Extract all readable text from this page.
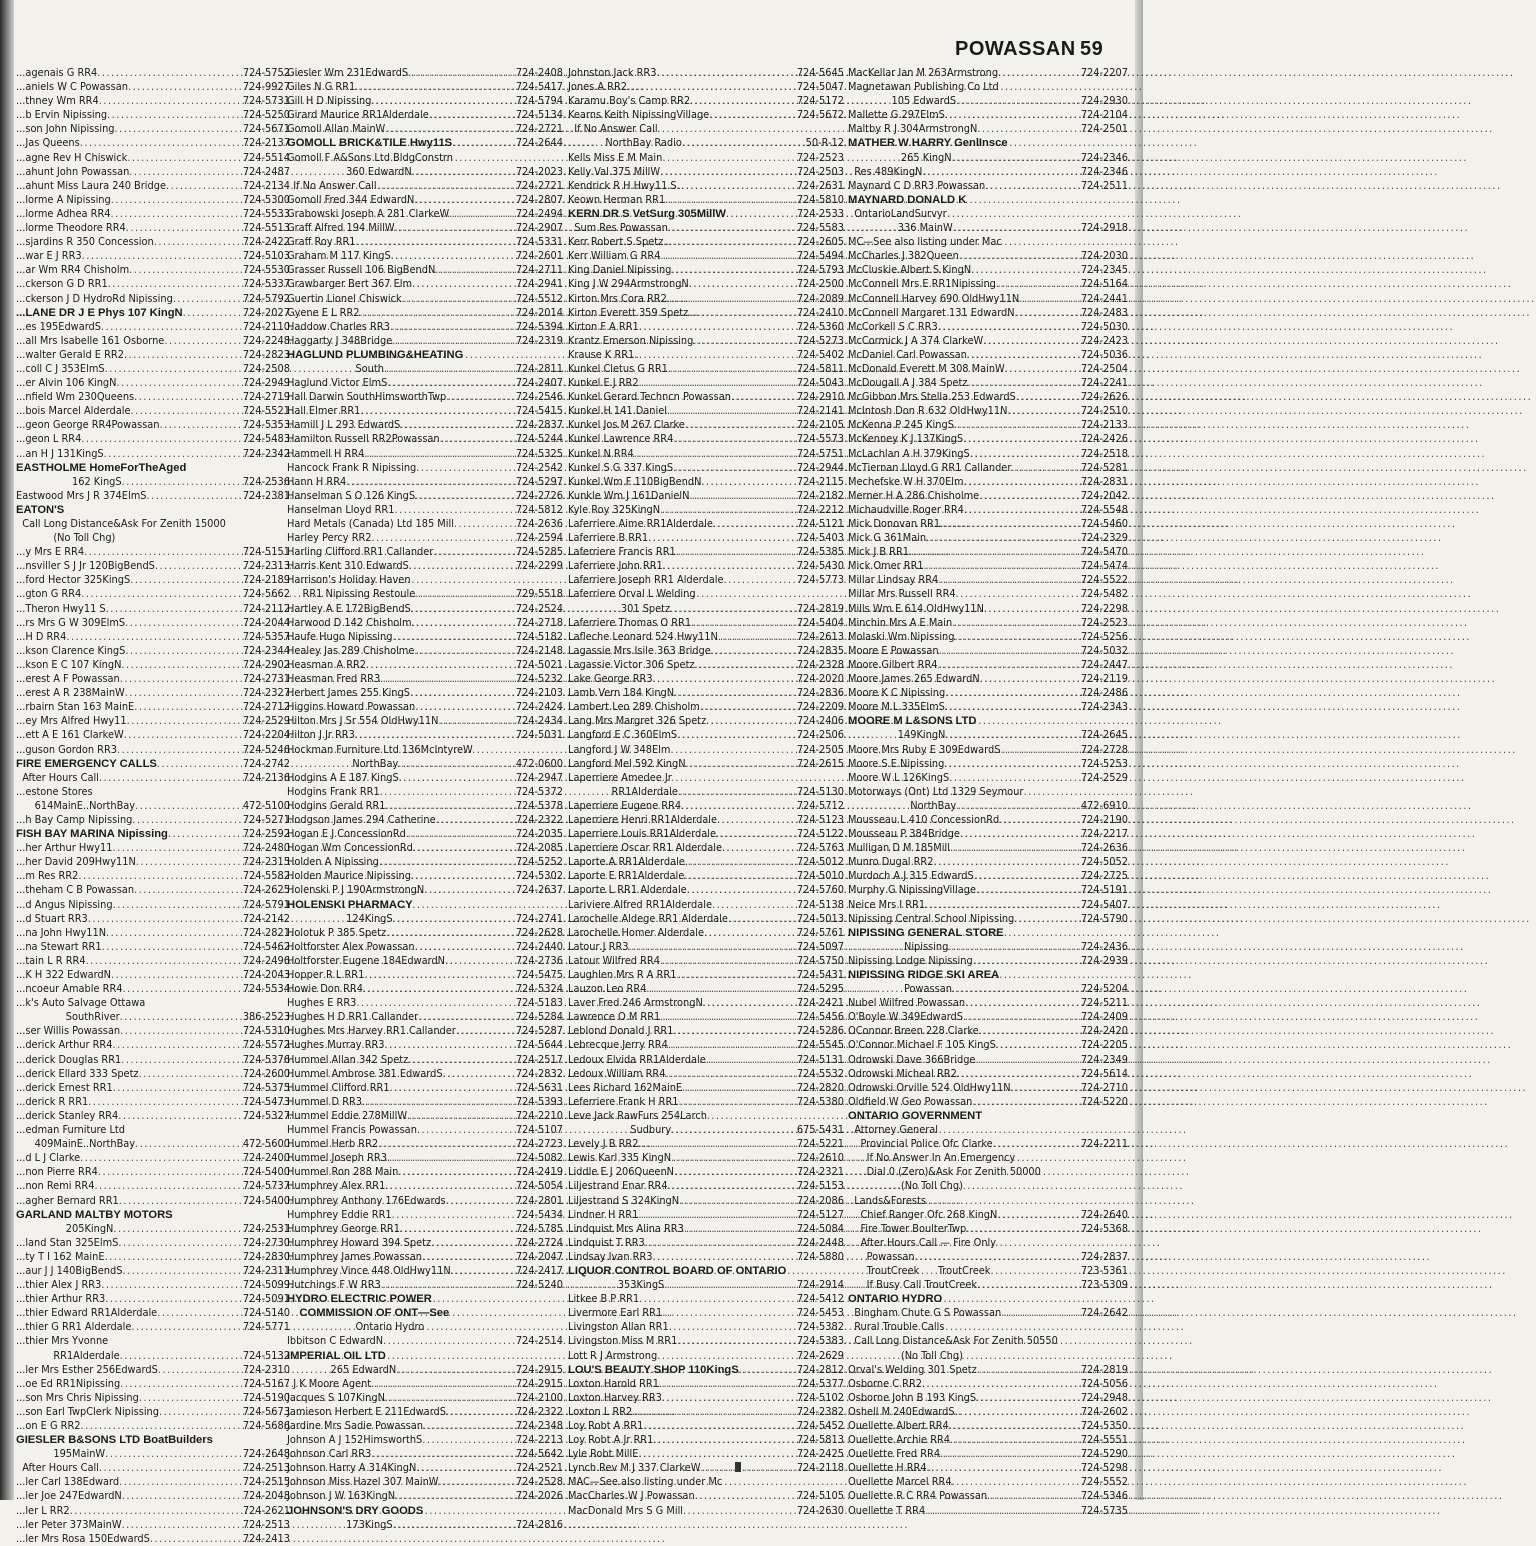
POWASSAN 59
...agenais G RR4 .....	724-5752
...aniels W C Powassan .....	724-9927
...thney Wm RR4 .....	724-5731
...b Ervin Nipissing .....	724-5250
...son John Nipissing .....	724-5671
...Jas Queens .....	724-2137
...agne Rev H Chiswick .....	724-5514
...ahunt John Powassan .....	724-2487
...ahunt Miss Laura 240 Bridge .....	724-2134
...lorme A Nipissing .....	724-5300
...lorme Adhea RR4 .....	724-5533
...lorme Theodore RR4 .....	724-5513
...sjardins R 350 Concession .....	724-2422
...war E J RR3 .....	724-5103
...ar Wm RR4 Chisholm .....	724-5530
...ckerson G D RR1 .....	724-5337
...ckerson J D HydroRd Nipissing .....	724-5792
...LANE DR J E Phys 107 KingN .....	724-2027
...es 195EdwardS .....	724-2110
...all Mrs Isabelle 161 Osborne .....	724-2248
...walter Gerald E RR2 .....	724-2823
...coll C J 353ElmS .....	724-2508
...er Alvin 106 KingN .....	724-2949
...nfield Wm 230Queens .....	724-2719
...bois Marcel Alderdale .....	724-5521
...geon George RR4Powassan .....	724-5353
...geon L RR4 .....	724-5483
...an H J 131KingS .....	724-2342
EASTHOLME HomeForTheAged
162 KingS .....	724-2536
Eastwood Mrs J R 374ElmS .....	724-2381
EATON'S
Call Long Distance&Ask For Zenith 15000
(No Toll Chg)
...y Mrs E RR4 .....	724-5151
...nsviller S J Jr 120BigBendS .....	724-2313
...ford Hector 325KingS .....	724-2189
...gton G RR4 .....	724-5662
...Theron Hwy11 S .....	724-2112
...rs Mrs G W 309ElmS .....	724-2044
...H D RR4 .....	724-5357
...kson Clarence KingS .....	724-2344
...kson E C 107 KingN .....	724-2902
...erest A F Powassan .....	724-2731
...erest A R 238MainW .....	724-2327
...rbairn Stan 163 MainE .....	724-2712
...ey Mrs Alfred Hwy11 .....	724-2529
...ett A E 161 ClarkeW .....	724-2204
...guson Gordon RR3 .....	724-5246
FIRE EMERGENCY CALLS .....	724-2742
After Hours Call .....	724-2136
...estone Stores
614MainE..NorthBay .....	472-5100
...h Bay Camp Nipissing .....	724-5271
FISH BAY MARINA Nipissing .....	724-2592
...her Arthur Hwy11 .....	724-2480
...her David 209Hwy11N .....	724-2315
...m Res RR2 .....	724-5582
...theham C B Powassan .....	724-2625
...d Angus Nipissing .....	724-5791
...d Stuart RR3 .....	724-2142
...na John Hwy11N .....	724-2821
...na Stewart RR1 .....	724-5462
...tain L R RR4 .....	724-2496
...K H 322 EdwardN .....	724-2043
...ncoeur Amable RR4 .....	724-5534
...k's Auto Salvage Ottawa
SouthRiver .....	386-2523
...ser Willis Powassan .....	724-5310
...derick Arthur RR4 .....	724-5572
...derick Douglas RR1 .....	724-5376
...derick Ellard 333 Spetz .....	724-2600
...derick Ernest RR1 .....	724-5375
...derick R RR1 .....	724-5473
...derick Stanley RR4 .....	724-5327
...edman Furniture Ltd
409MainE..NorthBay .....	472-5600
...d L J Clarke .....	724-2400
...non Pierre RR4 .....	724-5400
...non Remi RR4 .....	724-5737
...agher Bernard RR1 .....	724-5400
GARLAND MALTBY MOTORS
205KingN .....	724-2531
...land Stan 325ElmS .....	724-2730
...ty T I 162 MainE .....	724-2830
...aur J J 140BigBendS .....	724-2311
...thier Alex J RR3 .....	724-5099
...thier Arthur RR3 .....	724-5091
...thier Edward RR1Alderdale .....	724-5140
...thier G RR1 Alderdale .....	724-5771
...thier Mrs Yvonne
RR1Alderdale .....	724-5132
...ler Mrs Esther 256EdwardS .....	724-2310
...oe Ed RR1Nipissing .....	724-5167
...son Mrs Chris Nipissing .....	724-5190
...son Earl TwpClerk Nipissing .....	724-5673
...on E G RR2 .....	724-5686
GIESLER B&SONS LTD BoatBuilders
195MainW .....	724-2648
After Hours Call .....	724-2513
...ler Carl 138Edward .....	724-2515
...ler Joe 247EdwardN .....	724-2048
...ler L RR2 .....	724-2621
...ler Peter 373MainW .....	724-2513
...ler Mrs Rosa 150EdwardS .....	724-2413
Giesler Wm 231EdwardS .....	724-2408
Giles N G RR1 .....	724-5417
Gill H D Nipissing .....	724-5794
Girard Maurice RR1Alderdale .....	724-5134
Gomoll Allan MainW .....	724-2721
GOMOLL BRICK&TILE Hwy11S .....	724-2644
Gomoll F A&Sons Ltd BldgConstrn
360 EdwardN .....	724-2023
If No Answer Call .....	724-2721
Gomoll Fred 344 EdwardN .....	724-2807
Grabowski Joseph A 281 ClarkeW .....	724-2494
Graff Alfred 194 MillW .....	724-2907
Graff Roy RR1 .....	724-5331
Graham M 117 KingS .....	724-2601
Grasser Russell 106 BigBendN .....	724-2711
Grawbarger Bert 367 Elm .....	724-2941
Guertin Lionel Chiswick .....	724-5512
Gyene E L RR2 .....	724-2014
Haddow Charles RR3 .....	724-5394
Haggarty J 348Bridge .....	724-2319
HAGLUND PLUMBING&HEATING
South .....	724-2811
Haglund Victor ElmS .....	724-2407
Hall Darwin SouthHimsworthTwp .....	724-2546
Hall Elmer RR1 .....	724-5415
Hamill J L 293 EdwardS .....	724-2837
Hamilton Russell RR2Powassan .....	724-5244
Hammell H RR4 .....	724-5325
Hancock Frank R Nipissing .....	724-2542
Hann H RR4 .....	724-5297
Hanselman S O 126 KingS .....	724-2726
Hanselman Lloyd RR1 .....	724-5812
Hard Metals (Canada) Ltd 185 Mill .....	724-2636
Harley Percy RR2 .....	724-2594
Harling Clifford RR1 Callander .....	724-5285
Harris Kent 310 EdwardS .....	724-2299
Harrison's Holiday Haven
RR1 Nipissing Restoule .....	729-5518
Hartley A E 172BigBendS .....	724-2524
Harwood D 142 Chisholm .....	724-2718
Haufe Hugo Nipissing .....	724-5182
Healey Jas 289 Chisholme .....	724-2148
Heasman A RR2 .....	724-5021
Heasman Fred RR3 .....	724-5232
Herbert James 255 KingS .....	724-2103
Higgins Howard Powassan .....	724-2424
Hilton Mrs J Sr 554 OldHwy11N .....	724-2434
Hilton J Jr RR3 .....	724-5031
Hockman Furniture Ltd 136McIntyreW
NorthBay .....	472-0600
Hodgins A E 187 KingS .....	724-2947
Hodgins Frank RR1 .....	724-5372
Hodgins Gerald RR1 .....	724-5378
Hodgson James 294 Catherine .....	724-2322
Hogan E J ConcessionRd .....	724-2035
Hogan Wm ConcessionRd .....	724-2085
Holden A Nipissing .....	724-5252
Holden Maurice Nipissing .....	724-5302
Holenski P J 190ArmstrongN .....	724-2637
HOLENSKI PHARMACY
124KingS .....	724-2741
Holotuk P 385 Spetz .....	724-2628
Holtforster Alex Powassan .....	724-2440
Holtforster Eugene 184EdwardN .....	724-2736
Hopper R L RR1 .....	724-5475
Howie Don RR4 .....	724-5324
Hughes E RR3 .....	724-5183
Hughes H D RR1 Callander .....	724-5284
Hughes Mrs Harvey RR1 Callander .....	724-5287
Hughes Murray RR3 .....	724-5644
Hummel Allan 342 Spetz .....	724-2517
Hummel Ambrose 381 EdwardS .....	724-2832
Hummel Clifford RR1 .....	724-5631
Hummel D RR3 .....	724-5393
Hummel Eddie 278MillW .....	724-2210
Hummel Francis Powassan .....	724-5107
Hummel Herb RR2 .....	724-2723
Hummel Joseph RR3 .....	724-5082
Hummel Ron 288 Main .....	724-2419
Humphrey Alex RR1 .....	724-5054
Humphrey Anthony 176Edwards .....	724-2801
Humphrey Eddie RR1 .....	724-5434
Humphrey George RR1 .....	724-5785
Humphrey Howard 394 Spetz .....	724-2724
Humphrey James Powassan .....	724-2047
Humphrey Vince 448 OldHwy11N .....	724-2417
Hutchings F W RR3 .....	724-5240
HYDRO ELECTRIC POWER
COMMISSION OF ONT—See
Ontario Hydro
Ibbitson C EdwardN .....	724-2514
IMPERIAL OIL LTD
265 EdwardN .....	724-2915
J K Moore Agent .....	724-2915
Jacques S 107KingN .....	724-2100
Jamieson Herbert E 211EdwardS .....	724-2322
Jardine Mrs Sadie Powassan .....	724-2348
Johnson A J 152HimsworthS .....	724-2213
Johnson Carl RR3 .....	724-5642
Johnson Harry A 314KingN .....	724-2521
Johnson Miss Hazel 307 MainW .....	724-2528
Johnson J W 163KingN .....	724-2026
JOHNSON'S DRY GOODS
173KingS .....	724-2816
Johnston Jack RR3 .....	724-5645
Jones A RR2 .....	724-5047
Karamu Boy's Camp RR2 .....	724-5172
Kearns Keith NipissingVillage .....	724-5672
If No Answer Call
NorthBay Radio .....	50-R-12
Kells Miss E M Main .....	724-2523
Kelly Val 375 MillW .....	724-2503
Kendrick R H Hwy11 S .....	724-2631
Keown Herman RR1 .....	724-5810
KERN DR S VetSurg 305MillW .....	724-2533
Sum Res Powassan .....	724-5583
Kerr Robert S Spetz .....	724-2605
Kerr William G RR4 .....	724-5494
King Daniel Nipissing .....	724-5793
King J W 294ArmstrongN .....	724-2500
Kirton Mrs Cora RR2 .....	724-2089
Kirton Everett 359 Spetz .....	724-2410
Kirton F A RR1 .....	724-5360
Krantz Emerson Nipissing .....	724-5273
Krause K RR1 .....	724-5402
Kunkel Cletus G RR1 .....	724-5811
Kunkel E J RR2 .....	724-5043
Kunkel Gerard Techncn Powassan .....	724-2910
Kunkel H 141 Daniel .....	724-2141
Kunkel Jos M 267 Clarke .....	724-2105
Kunkel Lawrence RR4 .....	724-5573
Kunkel N RR4 .....	724-5751
Kunkel S G 337 KingS .....	724-2944
Kunkel Wm F 110BigBendN .....	724-2115
Kunkle Wm J 161DanielN .....	724-2182
Kyle Roy 325KingN .....	724-2212
Laferriere Aime RR1Alderdale .....	724-5121
Laferriere B RR1 .....	724-5403
Laferriere Francis RR1 .....	724-5385
Laferriere John RR1 .....	724-5430
Laferriere Joseph RR1 Alderdale .....	724-5773
Laferriere Orval L Welding
301 Spetz .....	724-2819
Laferriere Thomas O RR1 .....	724-5404
Lafleche Leonard 524 Hwy11N .....	724-2613
Lagassie Mrs Isile 363 Bridge .....	724-2835
Lagassie Victor 306 Spetz .....	724-2328
Lake George RR3 .....	724-2020
Lamb Vern 184 KingN .....	724-2836
Lambert Leo 289 Chisholm .....	724-2209
Lang Mrs Margret 326 Spetz .....	724-2406
Langford E C 360ElmS .....	724-2506
Langford J W 348Elm .....	724-2505
Langford Mel 592 KingN .....	724-2615
Laperriere Amedee Jr
RR1Alderdale .....	724-5130
Laperriere Eugene RR4 .....	724-5712
Laperriere Henri RR1Alderdale .....	724-5123
Laperriere Louis RR1Alderdale .....	724-5122
Laperriere Oscar RR1 Alderdale .....	724-5763
Laporte A RR1Alderdale .....	724-5012
Laporte E RR1Alderdale .....	724-5010
Laporte L RR1 Alderdale .....	724-5760
Lariviere Alfred RR1Alderdale .....	724-5138
Larochelle Aldege RR1 Alderdale .....	724-5013
Larochelle Homer Alderdale .....	724-5761
Latour J RR3 .....	724-5097
Latour Wilfred RR4 .....	724-5750
Laughlen Mrs R A RR1 .....	724-5431
Lauzon Leo RR4 .....	724-5295
Laver Fred 246 ArmstrongN .....	724-2421
Lawrence O M RR1 .....	724-5456
Leblond Donald J RR1 .....	724-5286
Lebrecque Jerry RR4 .....	724-5545
Ledoux Elvida RR1Alderdale .....	724-5131
Ledoux William RR4 .....	724-5532
Lees Richard 162MainE .....	724-2820
Leferriere Frank H RR1 .....	724-5380
Leve Jack RawFurs 254Larch
Sudbury .....	675-5431
Levely J B RR2 .....	724-5221
Lewis Karl 335 KingN .....	724-2610
Liddle E J 206QueenN .....	724-2321
Liljestrand Enar RR4 .....	724-5153
Liljestrand S 324KingN .....	724-2086
Lindner H RR1 .....	724-5127
Lindquist Mrs Alina RR3 .....	724-5084
Lindquist T RR3 .....	724-2448
Lindsay Ivan RR3 .....	724-5880
LIQUOR CONTROL BOARD OF ONTARIO
353KingS .....	724-2914
Litkee B P RR1 .....	724-5412
Livermore Earl RR1 .....	724-5453
Livingston Allan RR1 .....	724-5382
Livingston Miss M RR1 .....	724-5383
Lott R J Armstrong .....	724-2629
LOU'S BEAUTY SHOP 110KingS .....	724-2812
Loxton Harold RR1 .....	724-5377
Loxton Harvey RR3 .....	724-5102
Loxton L RR2 .....	724-2382
Loy Robt A RR1 .....	724-5452
Loy Robt A Jr RR1 .....	724-5813
Lyle Robt MillE .....	724-2425
Lynch Rev M J 337 ClarkeW .....	724-2118
MAC—See also listing under Mc
MacCharles W J Powassan .....	724-5105
MacDonald Mrs S G Mill .....	724-2630
MacKellar Ian M 263Armstrong .....	724-2207
Magnetawan Publishing Co Ltd
105 EdwardS .....	724-2930
Mallette G 297ElmS .....	724-2104
Maltby R J 304ArmstrongN .....	724-2501
MATHER W HARRY GenlInsce
265 KingN .....	724-2346
Res 489KingN .....	724-2346
Maynard C D RR3 Powassan .....	724-2511
MAYNARD DONALD K
OntarioLandSurvyr
336 MainW .....	724-2918
MC—See also listing under Mac
McCharles J 382Queen .....	724-2030
McCluskie Albert S KingN .....	724-2345
McConnell Mrs E RR1Nipissing .....	724-5164
McConnell Harvey 690 OldHwy11N .....	724-2441
McConnell Margaret 131 EdwardN .....	724-2483
McCorkell S C RR3 .....	724-5030
McCormick J A 374 ClarkeW .....	724-2423
McDaniel Carl Powassan .....	724-5036
McDonald Everett M 308 MainW .....	724-2504
McDougall A J 384 Spetz .....	724-2241
McGibbon Mrs Stella 253 EdwardS .....	724-2626
McIntosh Don R 632 OldHwy11N .....	724-2510
McKenna P 245 KingS .....	724-2133
McKenney K J 137KingS .....	724-2426
McLachlan A H 379KingS .....	724-2518
McTiernan Lloyd G RR1 Callander .....	724-5281
Mechefske W H 370Elm .....	724-2831
Merner H A 286 Chisholme .....	724-2042
Michaudville Roger RR4 .....	724-5548
Mick Donovan RR1 .....	724-5460
Mick G 361Main .....	724-2329
Mick J B RR1 .....	724-5470
Mick Omer RR1 .....	724-5474
Millar Lindsay RR4 .....	724-5522
Millar Mrs Russell RR4 .....	724-5482
Mills Wm E 614 OldHwy11N .....	724-2298
Minchin Mrs A E Main .....	724-2523
Molaski Wm Nipissing .....	724-5256
Moore E Powassan .....	724-5032
Moore Gilbert RR4 .....	724-2447
Moore James 265 EdwardN .....	724-2119
Moore K C Nipissing .....	724-2486
Moore M L 335ElmS .....	724-2343
MOORE M L&SONS LTD
149KingN .....	724-2645
Moore Mrs Ruby E 309EdwardS .....	724-2728
Moore S E Nipissing .....	724-5253
Moore W L 126KingS .....	724-2529
Motorways (Ont) Ltd 1329 Seymour
NorthBay .....	472-6910
Mousseau L 410 ConcessionRd .....	724-2190
Mousseau P 384Bridge .....	724-2217
Mulligan D M 185Mill .....	724-2636
Munro Dugal RR2 .....	724-5052
Murdoch A J 315 EdwardS .....	724-2725
Murphy G NipissingVillage .....	724-5191
Neice Mrs I RR1 .....	724-5407
Nipissing Central School Nipissing .....	724-5790
NIPISSING GENERAL STORE
Nipissing .....	724-2436
Nipissing Lodge Nipissing .....	724-2939
NIPISSING RIDGE SKI AREA
Powassan .....	724-5204
Nubel Wilfred Powassan .....	724-5211
O'Boyle W 349EdwardS .....	724-2409
OConnor Breen 228 Clarke .....	724-2420
O'Connor Michael F 105 KingS .....	724-2205
Odrowski Dave 366Bridge .....	724-2349
Odrowski Micheal RR2 .....	724-5614
Odrowski Orville 524 OldHwy11N .....	724-2710
Oldfield W Geo Powassan .....	724-5220
ONTARIO GOVERNMENT
Attorney General
Provincial Police Ofc Clarke .....	724-2211
If No Answer In An Emergency
Dial 0 (Zero)&Ask For Zenith 50000
(No Toll Chg)
Lands&Forests
Chief Ranger Ofc 268 KingN .....	724-2640
Fire Tower BoulterTwp .....	724-5368
After Hours Call — Fire Only
Powassan .....	724-2837
TroutCreek      TroutCreek .....	723-5361
If Busy Call TroutCreek .....	723-5309
ONTARIO HYDRO
Bingham Chute G S Powassan .....	724-2642
Rural Trouble Calls
Call Long Distance&Ask For Zenith 50550
(No Toll Chg)
Orval's Welding 301 Spetz .....	724-2819
Osborne C RR2 .....	724-5056
Osborne John B 193 KingS .....	724-2948
Oshell M 240EdwardS .....	724-2602
Ouellette Albert RR4 .....	724-5350
Ouellette Archie RR4 .....	724-5551
Ouellette Fred RR4 .....	724-5290
Ouellette H RR4 .....	724-5298
Ouellette Marcel RR4 .....	724-5552
Ouellette R C RR4 Powassan .....	724-5346
Ouellette T RR4 .....	724-5735
